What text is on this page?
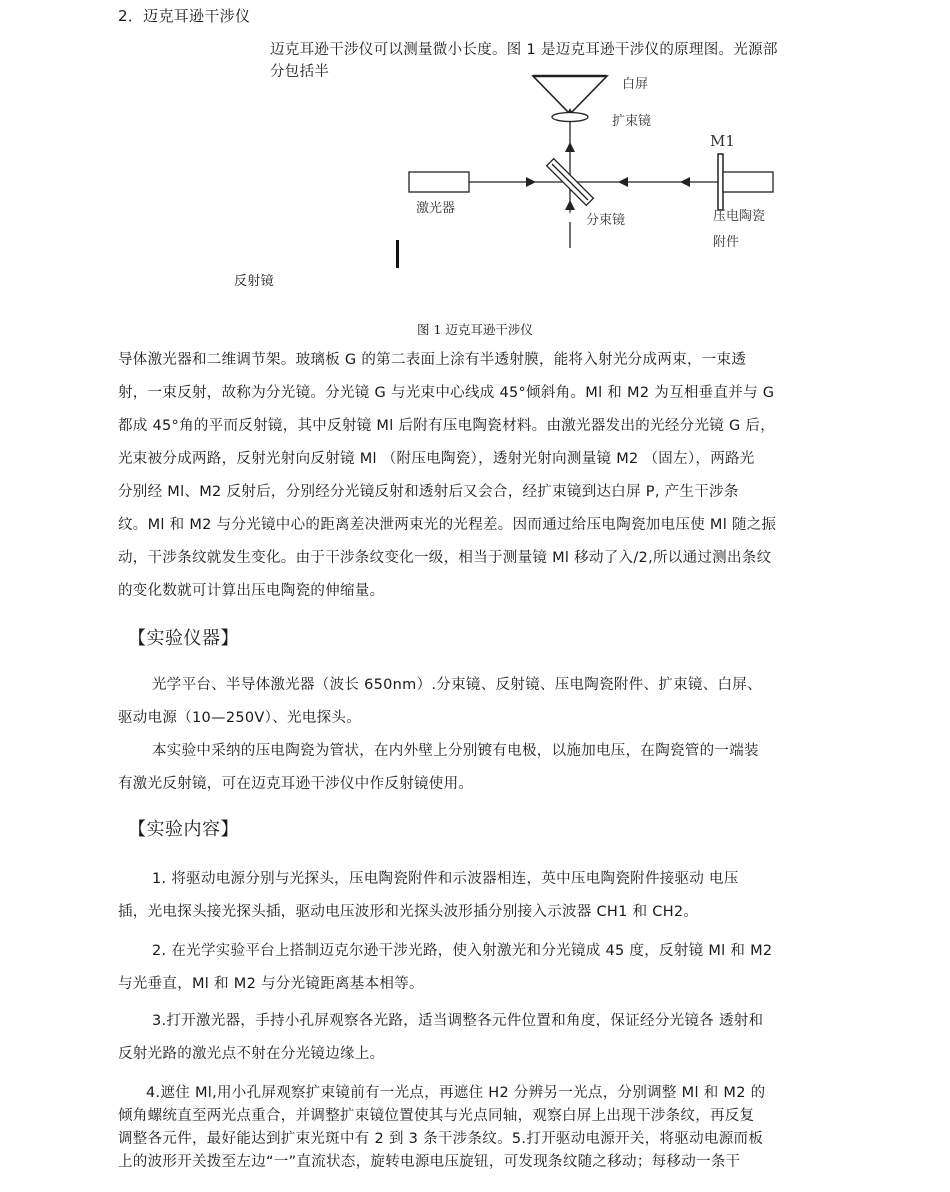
2．迈克耳逊干涉仪
迈克耳逊干涉仪可以测量微小长度。图 1 是迈克耳逊干涉仪的原理图。光源部
分包括半
白屏
扩束镜
M1
激光器
分束镜	压电陶瓷
附件
反射镜
图 1 迈克耳逊干涉仪
导体激光器和二维调节架。玻璃板 G 的第二表面上涂有半透射膜，能将入射光分成两束，一束透
射，一束反射，故称为分光镜。分光镜 G 与光束中心线成 45°倾斜角。Ml 和 M2 为互相垂直并与 G
都成 45°角的平而反射镜，其中反射镜 Ml 后附有压电陶瓷材料。由激光器发出的光经分光镜 G 后，
光束被分成两路，反射光射向反射镜 Ml （附压电陶瓷），透射光射向测量镜 M2 （固左），两路光
分别经 Ml、M2 反射后，分别经分光镜反射和透射后又会合，经扩束镜到达白屏 P, 产生干涉条
纹。Ml 和 M2 与分光镜中心的距离差决泄两束光的光程差。因而通过给压电陶瓷加电压使 Ml 随之振
动，干涉条纹就发生变化。由于干涉条纹变化一级，相当于测量镜 Ml 移动了入/2,所以通过测出条纹
的变化数就可计算出压电陶瓷的伸缩量。
【实验仪器】
光学平台、半导体激光器（波长 650nm）.分束镜、反射镜、压电陶瓷附件、扩束镜、白屏、
驱动电源（10—250V）、光电探头。
本实验中采纳的压电陶瓷为管状，在内外壁上分别镀有电极，以施加电压，在陶瓷管的一端装
有激光反射镜，可在迈克耳逊干涉仪中作反射镜使用。
【实验内容】
1. 将驱动电源分别与光探头，压电陶瓷附件和示波器相连，英中压电陶瓷附件接驱动 电压
插，光电探头接光探头插，驱动电压波形和光探头波形插分别接入示波器 CH1 和 CH2。
2. 在光学实验平台上搭制迈克尔逊干涉光路，使入射激光和分光镜成 45 度，反射镜 Ml 和 M2
与光垂直，Ml 和 M2 与分光镜距离基本相等。
3.打开激光器，手持小孔屏观察各光路，适当调整各元件位置和角度，保证经分光镜各 透射和
反射光路的激光点不射在分光镜边缘上。
4.遮住 Ml,用小孔屏观察扩束镜前有一光点，再遮住 H2 分辨另一光点，分别调整 Ml 和 M2 的
倾角螺统直至两光点重合，并调整扩束镜位置使其与光点同轴，观察白屏上出现干涉条纹，再反复
调整各元件，最好能达到扩束光斑中有 2 到 3 条干涉条纹。5.打开驱动电源开关，将驱动电源而板
上的波形开关拨至左边“一”直流状态，旋转电源电压旋钮，可发现条纹随之移动；每移动一条干
